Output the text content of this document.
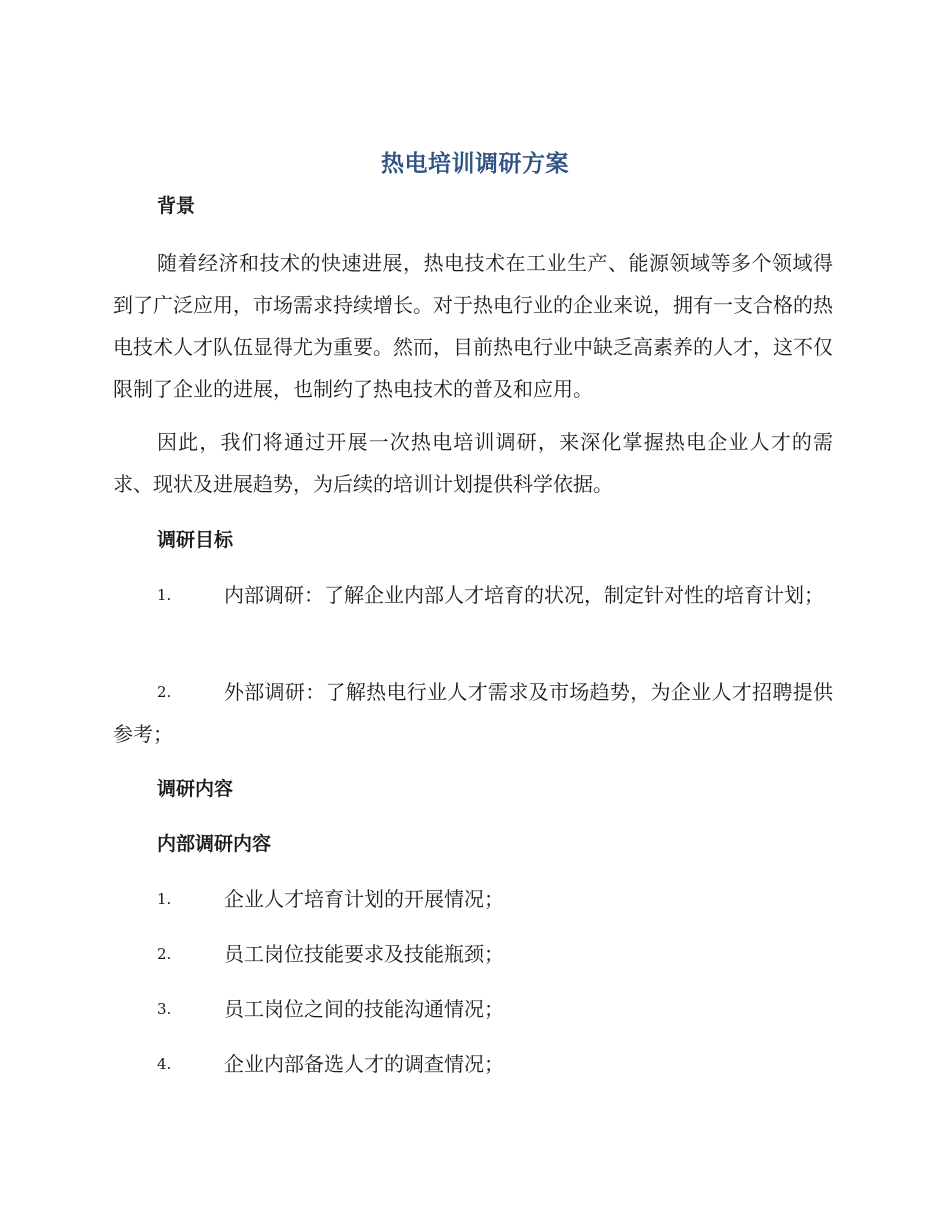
热电培训调研方案
背景
随着经济和技术的快速进展，热电技术在工业生产、能源领域等多个领域得到了广泛应用，市场需求持续增长。对于热电行业的企业来说，拥有一支合格的热电技术人才队伍显得尤为重要。然而，目前热电行业中缺乏高素养的人才，这不仅限制了企业的进展，也制约了热电技术的普及和应用。
因此，我们将通过开展一次热电培训调研，来深化掌握热电企业人才的需求、现状及进展趋势，为后续的培训计划提供科学依据。
调研目标
1.	内部调研：了解企业内部人才培育的状况，制定针对性的培育计划；
2.	外部调研：了解热电行业人才需求及市场趋势，为企业人才招聘提供参考；
调研内容
内部调研内容
1.	企业人才培育计划的开展情况；
2.	员工岗位技能要求及技能瓶颈；
3.	员工岗位之间的技能沟通情况；
4.	企业内部备选人才的调查情况；
